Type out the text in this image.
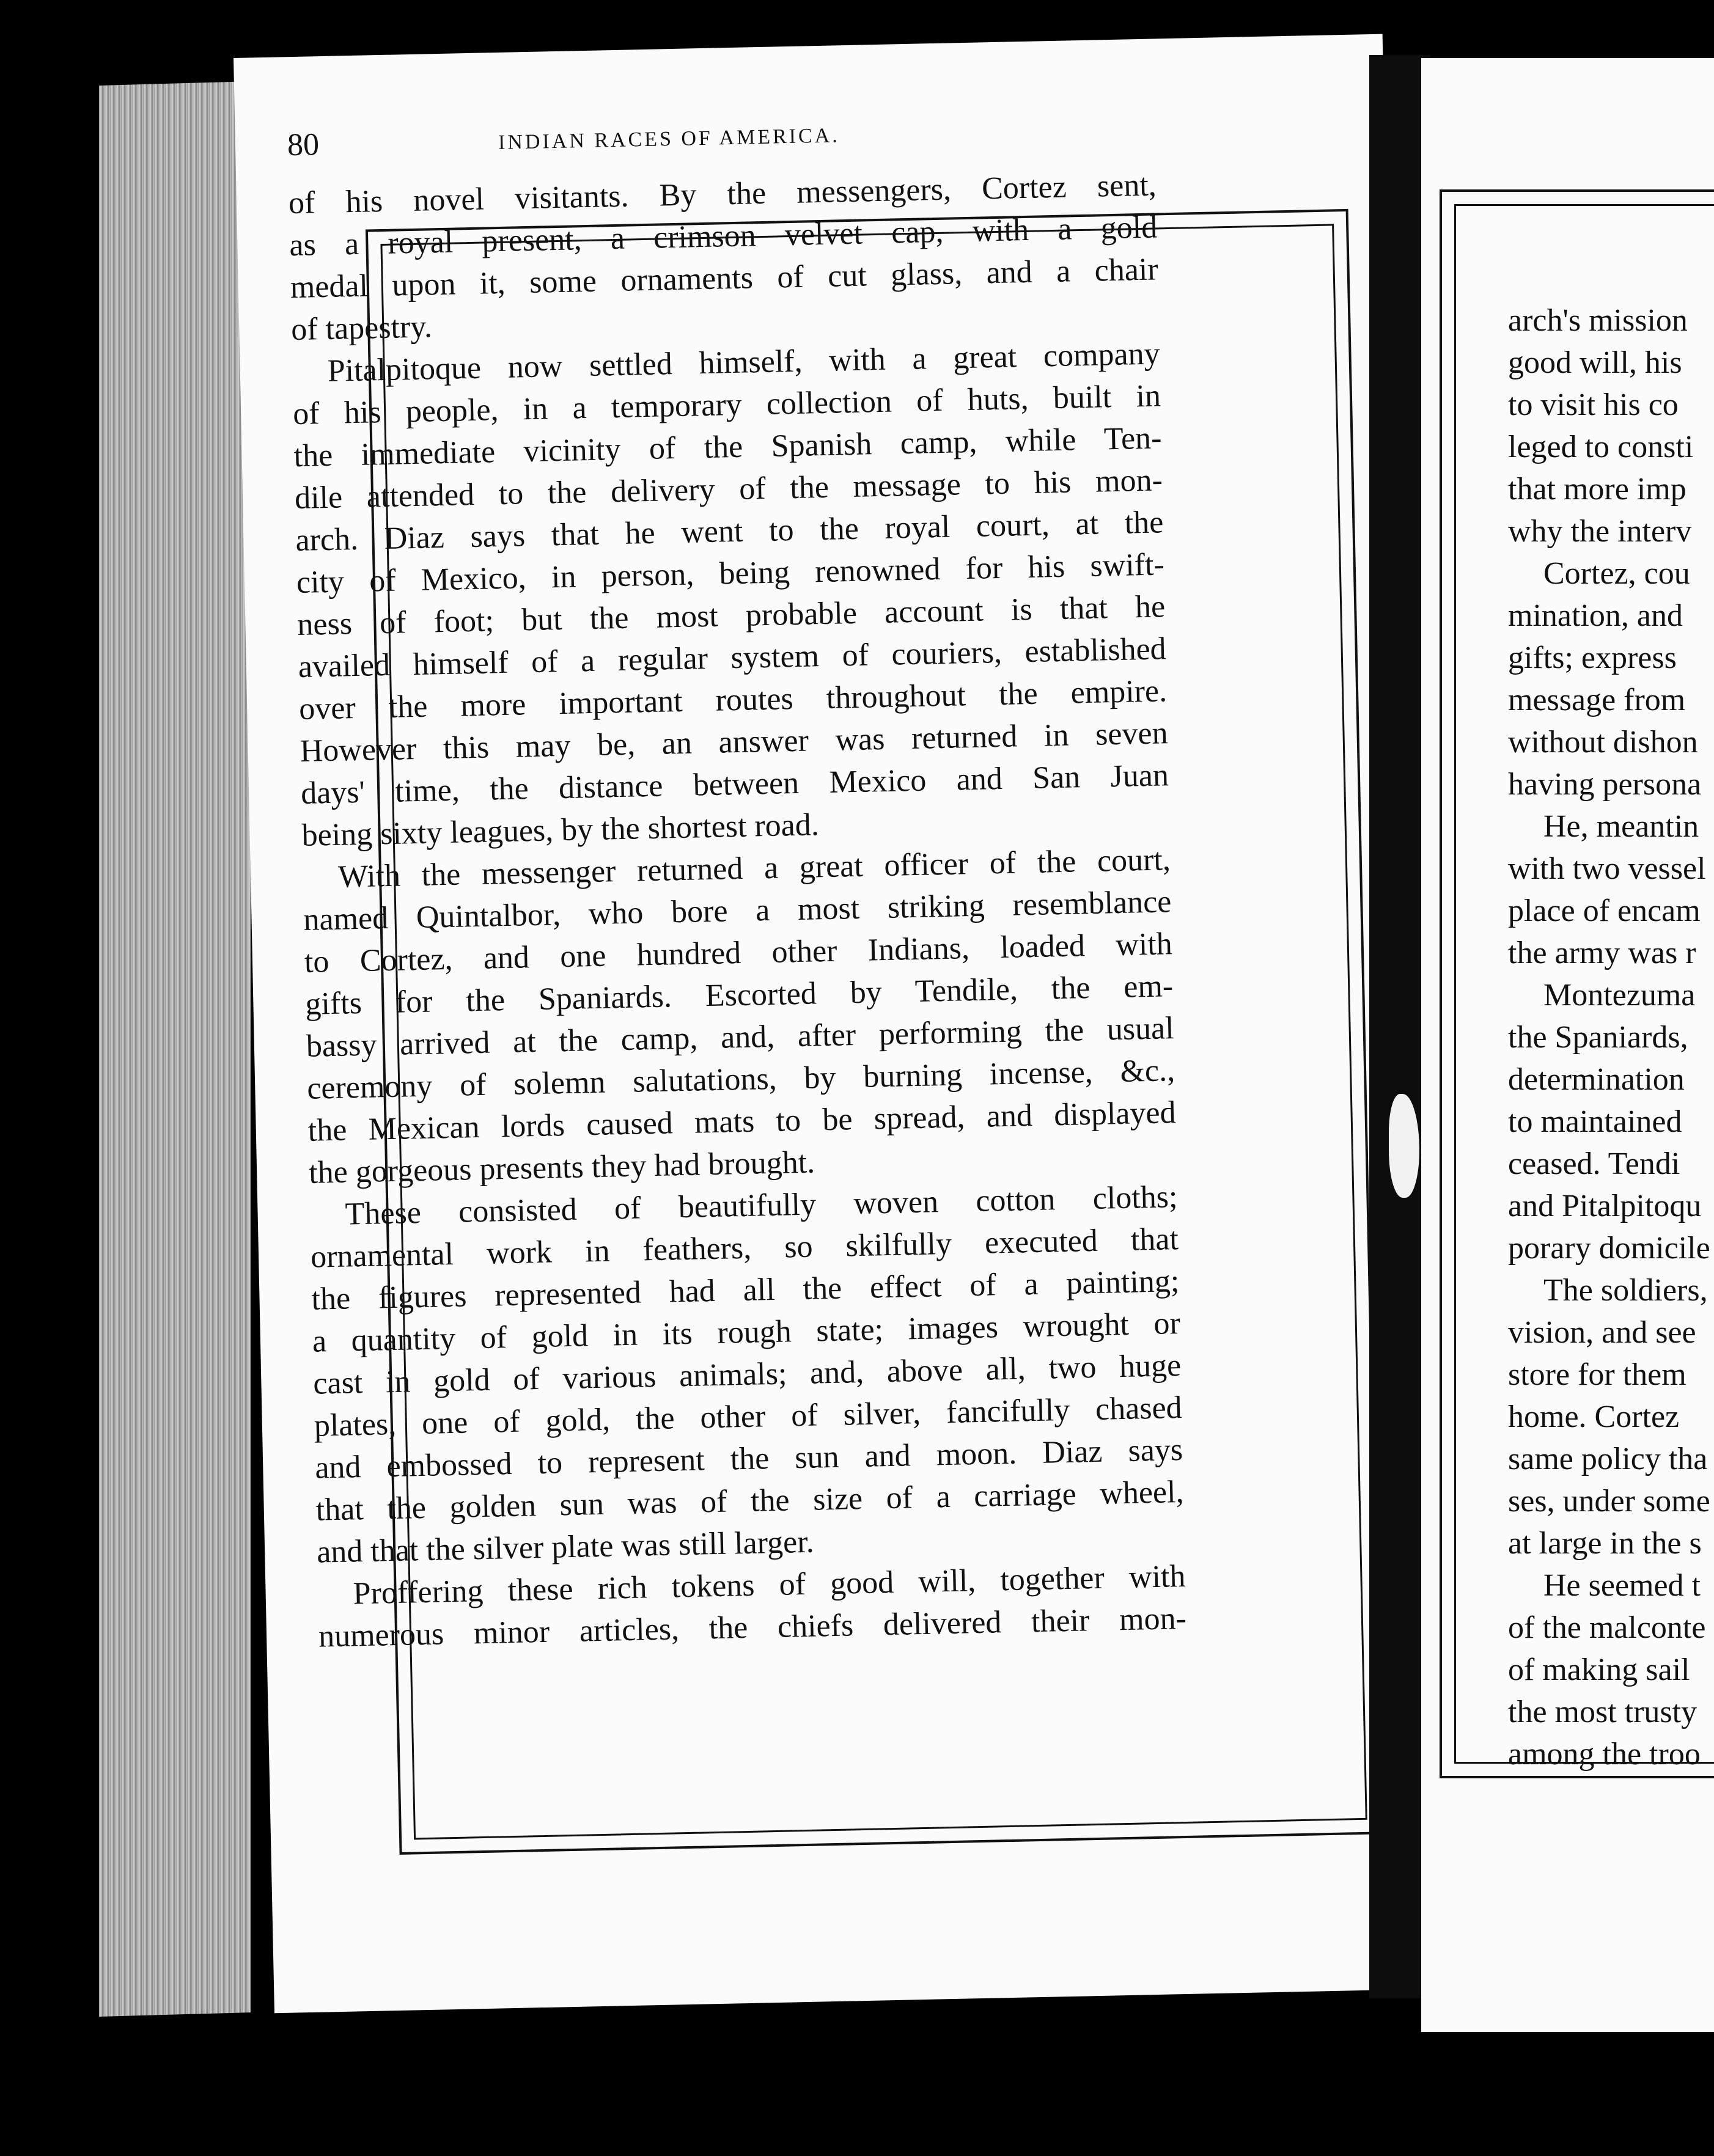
80	INDIAN RACES OF AMERICA.
of his novel visitants. By the messengers, Cortez sent,
as a royal present, a crimson velvet cap, with a gold
medal upon it, some ornaments of cut glass, and a chair
of tapestry.
Pitalpitoque now settled himself, with a great company
of his people, in a temporary collection of huts, built in
the immediate vicinity of the Spanish camp, while Ten-
dile attended to the delivery of the message to his mon-
arch. Diaz says that he went to the royal court, at the
city of Mexico, in person, being renowned for his swift-
ness of foot; but the most probable account is that he
availed himself of a regular system of couriers, established
over the more important routes throughout the empire.
However this may be, an answer was returned in seven
days' time, the distance between Mexico and San Juan
being sixty leagues, by the shortest road.
With the messenger returned a great officer of the court,
named Quintalbor, who bore a most striking resemblance
to Cortez, and one hundred other Indians, loaded with
gifts for the Spaniards. Escorted by Tendile, the em-
bassy arrived at the camp, and, after performing the usual
ceremony of solemn salutations, by burning incense, &c.,
the Mexican lords caused mats to be spread, and displayed
the gorgeous presents they had brought.
These consisted of beautifully woven cotton cloths;
ornamental work in feathers, so skilfully executed that
the figures represented had all the effect of a painting;
a quantity of gold in its rough state; images wrought or
cast in gold of various animals; and, above all, two huge
plates, one of gold, the other of silver, fancifully chased
and embossed to represent the sun and moon. Diaz says
that the golden sun was of the size of a carriage wheel,
and that the silver plate was still larger.
Proffering these rich tokens of good will, together with
numerous minor articles, the chiefs delivered their mon-
arch's mission
good will, his
to visit his co
leged to consti
that more imp
why the interv
Cortez, cou
mination, and
gifts; express
message from
without dishon
having persona
He, meantin
with two vessel
place of encam
the army was r
Montezuma
the Spaniards,
determination
to maintained
ceased. Tendi
and Pitalpitoqu
porary domicile
The soldiers,
vision, and see
store for them
home. Cortez
same policy tha
ses, under some
at large in the s
He seemed t
of the malconte
of making sail
the most trusty
among the troo
